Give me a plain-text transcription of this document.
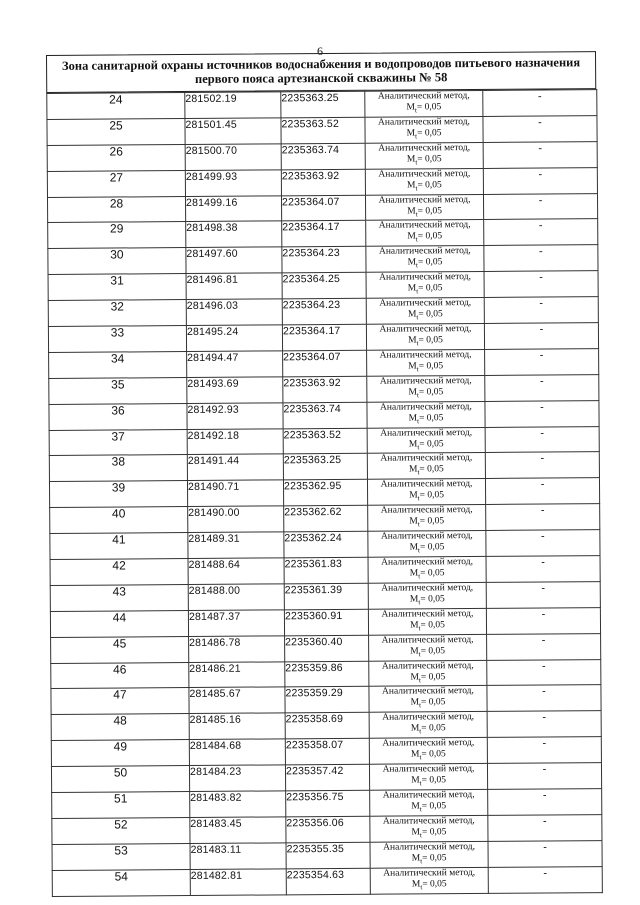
6
Зона санитарной охраны источников водоснабжения и водопроводов питьевого назначения
первого пояса артезианской скважины № 58
24	281502.19	2235363.25	Аналитический метод,
$M_t= 0,05$	-
25	281501.45	2235363.52	Аналитический метод,
$M_t= 0,05$	-
26	281500.70	2235363.74	Аналитический метод,
$M_t= 0,05$	-
27	281499.93	2235363.92	Аналитический метод,
$M_t= 0,05$	-
28	281499.16	2235364.07	Аналитический метод,
$M_t= 0,05$	-
29	281498.38	2235364.17	Аналитический метод,
$M_t= 0,05$	-
30	281497.60	2235364.23	Аналитический метод,
$M_t= 0,05$	-
31	281496.81	2235364.25	Аналитический метод,
$M_t= 0,05$	-
32	281496.03	2235364.23	Аналитический метод,
$M_t= 0,05$	-
33	281495.24	2235364.17	Аналитический метод,
$M_t= 0,05$	-
34	281494.47	2235364.07	Аналитический метод,
$M_t= 0,05$	-
35	281493.69	2235363.92	Аналитический метод,
$M_t= 0,05$	-
36	281492.93	2235363.74	Аналитический метод,
$M_t= 0,05$	-
37	281492.18	2235363.52	Аналитический метод,
$M_t= 0,05$	-
38	281491.44	2235363.25	Аналитический метод,
$M_t= 0,05$	-
39	281490.71	2235362.95	Аналитический метод,
$M_t= 0,05$	-
40	281490.00	2235362.62	Аналитический метод,
$M_t= 0,05$	-
41	281489.31	2235362.24	Аналитический метод,
$M_t= 0,05$	-
42	281488.64	2235361.83	Аналитический метод,
$M_t= 0,05$	-
43	281488.00	2235361.39	Аналитический метод,
$M_t= 0,05$	-
44	281487.37	2235360.91	Аналитический метод,
$M_t= 0,05$	-
45	281486.78	2235360.40	Аналитический метод,
$M_t= 0,05$	-
46	281486.21	2235359.86	Аналитический метод,
$M_t= 0,05$	-
47	281485.67	2235359.29	Аналитический метод,
$M_t= 0,05$	-
48	281485.16	2235358.69	Аналитический метод,
$M_t= 0,05$	-
49	281484.68	2235358.07	Аналитический метод,
$M_t= 0,05$	-
50	281484.23	2235357.42	Аналитический метод,
$M_t= 0,05$	-
51	281483.82	2235356.75	Аналитический метод,
$M_t= 0,05$	-
52	281483.45	2235356.06	Аналитический метод,
$M_t= 0,05$	-
53	281483.11	2235355.35	Аналитический метод,
$M_t= 0,05$	-
54	281482.81	2235354.63	Аналитический метод,
$M_t= 0,05$	-
